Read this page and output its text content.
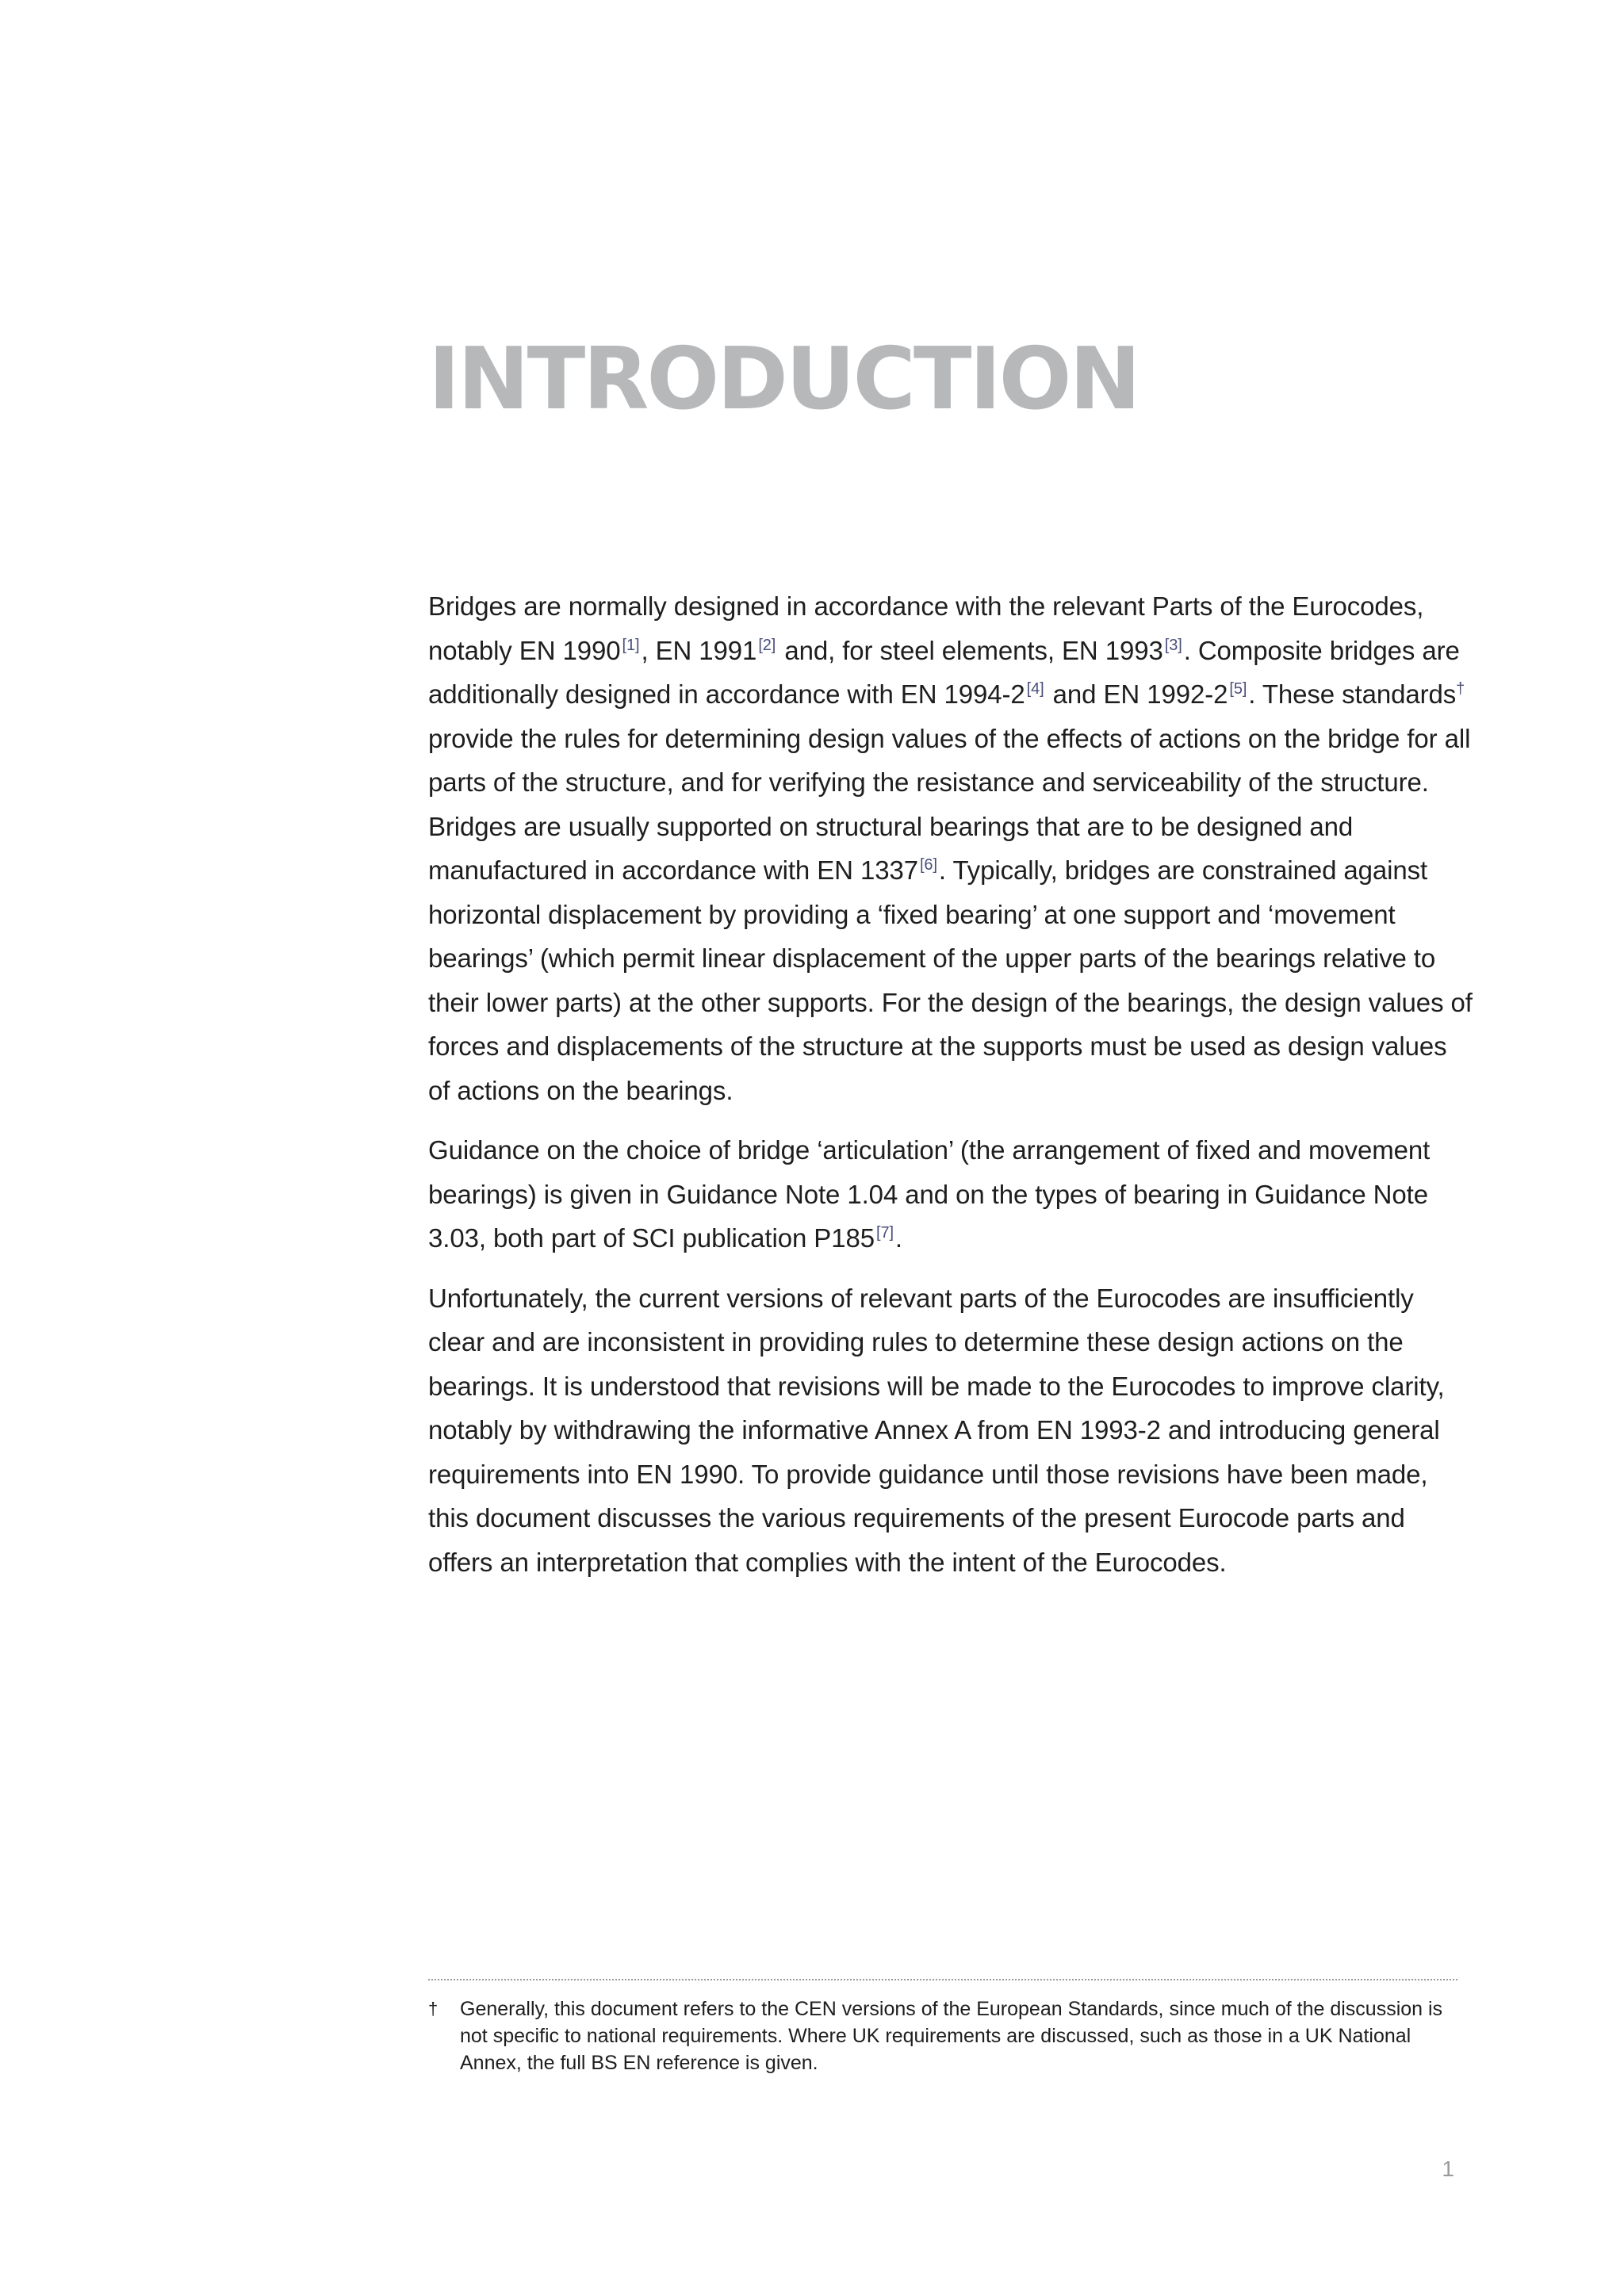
INTRODUCTION

Bridges are normally designed in accordance with the relevant Parts of the Eurocodes, notably EN 1990 [1], EN 1991 [2] and, for steel elements, EN 1993 [3]. Composite bridges are additionally designed in accordance with EN 1994-2 [4] and EN 1992-2 [5]. These standards† provide the rules for determining design values of the effects of actions on the bridge for all parts of the structure, and for verifying the resistance and serviceability of the structure. Bridges are usually supported on structural bearings that are to be designed and manufactured in accordance with EN 1337 [6]. Typically, bridges are constrained against horizontal displacement by providing a ‘fixed bearing’ at one support and ‘movement bearings’ (which permit linear displacement of the upper parts of the bearings relative to their lower parts) at the other supports. For the design of the bearings, the design values of forces and displacements of the structure at the supports must be used as design values of actions on the bearings.

Guidance on the choice of bridge ‘articulation’ (the arrangement of fixed and movement bearings) is given in Guidance Note 1.04 and on the types of bearing in Guidance Note 3.03, both part of SCI publication P185 [7].

Unfortunately, the current versions of relevant parts of the Eurocodes are insufficiently clear and are inconsistent in providing rules to determine these design actions on the bearings. It is understood that revisions will be made to the Eurocodes to improve clarity, notably by withdrawing the informative Annex A from EN 1993-2 and introducing general requirements into EN 1990. To provide guidance until those revisions have been made, this document discusses the various requirements of the present Eurocode parts and offers an interpretation that complies with the intent of the Eurocodes.

†	Generally, this document refers to the CEN versions of the European Standards, since much of the discussion is not specific to national requirements. Where UK requirements are discussed, such as those in a UK National Annex, the full BS EN reference is given.

1
